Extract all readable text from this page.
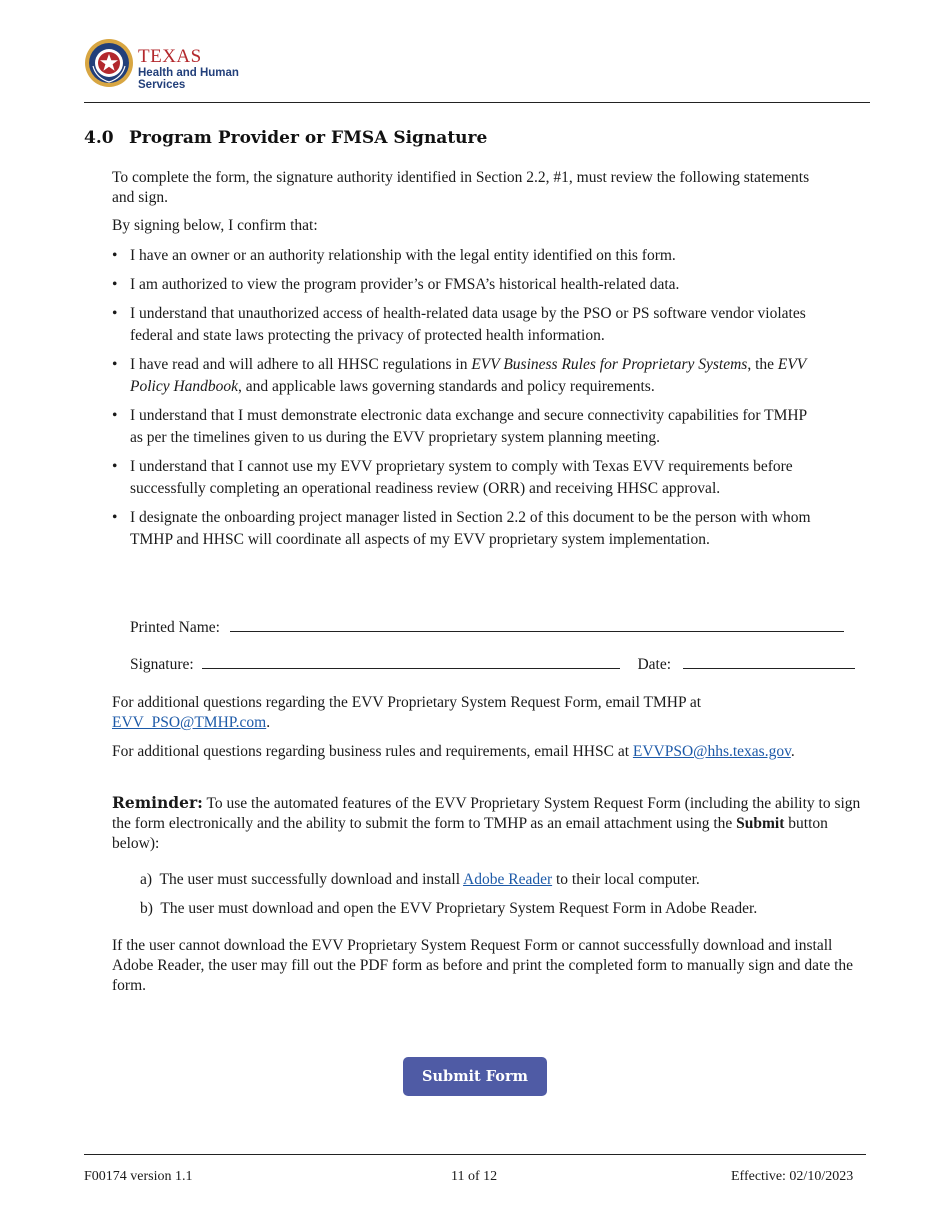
TEXAS
Health and Human Services
4.0 Program Provider or FMSA Signature

To complete the form, the signature authority identified in Section 2.2, #1, must review the following statements and sign.

By signing below, I confirm that:

• I have an owner or an authority relationship with the legal entity identified on this form.
• I am authorized to view the program provider’s or FMSA’s historical health-related data.
• I understand that unauthorized access of health-related data usage by the PSO or PS software vendor violates federal and state laws protecting the privacy of protected health information.
• I have read and will adhere to all HHSC regulations in EVV Business Rules for Proprietary Systems, the EVV Policy Handbook, and applicable laws governing standards and policy requirements.
• I understand that I must demonstrate electronic data exchange and secure connectivity capabilities for TMHP as per the timelines given to us during the EVV proprietary system planning meeting.
• I understand that I cannot use my EVV proprietary system to comply with Texas EVV requirements before successfully completing an operational readiness review (ORR) and receiving HHSC approval.
• I designate the onboarding project manager listed in Section 2.2 of this document to be the person with whom TMHP and HHSC will coordinate all aspects of my EVV proprietary system implementation.
Printed Name:
Signature:	Date:

For additional questions regarding the EVV Proprietary System Request Form, email TMHP at
EVV_PSO@TMHP.com.

For additional questions regarding business rules and requirements, email HHSC at EVVPSO@hhs.texas.gov.

Reminder: To use the automated features of the EVV Proprietary System Request Form (including the ability to sign the form electronically and the ability to submit the form to TMHP as an email attachment using the Submit button below):

a) The user must successfully download and install Adobe Reader to their local computer.
b) The user must download and open the EVV Proprietary System Request Form in Adobe Reader.

If the user cannot download the EVV Proprietary System Request Form or cannot successfully download and install Adobe Reader, the user may fill out the PDF form as before and print the completed form to manually sign and date the form.

Submit Form
F00174 version 1.1	11 of 12	Effective: 02/10/2023
